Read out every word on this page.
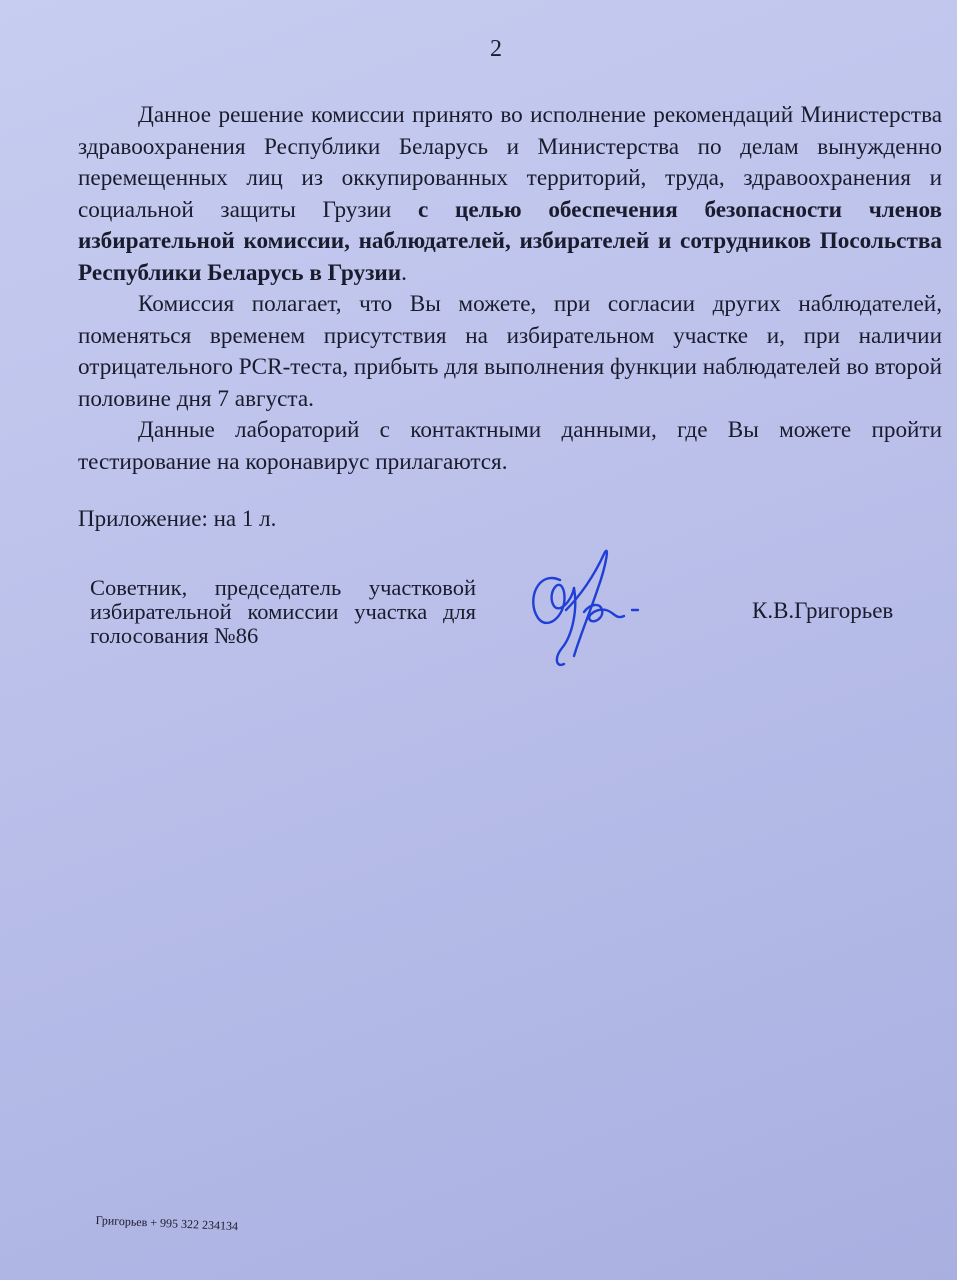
2

Данное решение комиссии принято во исполнение рекомендаций Министерства здравоохранения Республики Беларусь и Министерства по делам вынужденно перемещенных лиц из оккупированных территорий, труда, здравоохранения и социальной защиты Грузии с целью обеспечения безопасности членов избирательной комиссии, наблюдателей, избирателей и сотрудников Посольства Республики Беларусь в Грузии.

Комиссия полагает, что Вы можете, при согласии других наблюдателей, поменяться временем присутствия на избирательном участке и, при наличии отрицательного PCR-теста, прибыть для выполнения функции наблюдателей во второй половине дня 7 августа.

Данные лабораторий с контактными данными, где Вы можете пройти тестирование на коронавирус прилагаются.

Приложение: на 1 л.
Советник, председатель участковой избирательной комиссии участка для голосования №86
К.В.Григорьев
Григорьев + 995 322 234134
